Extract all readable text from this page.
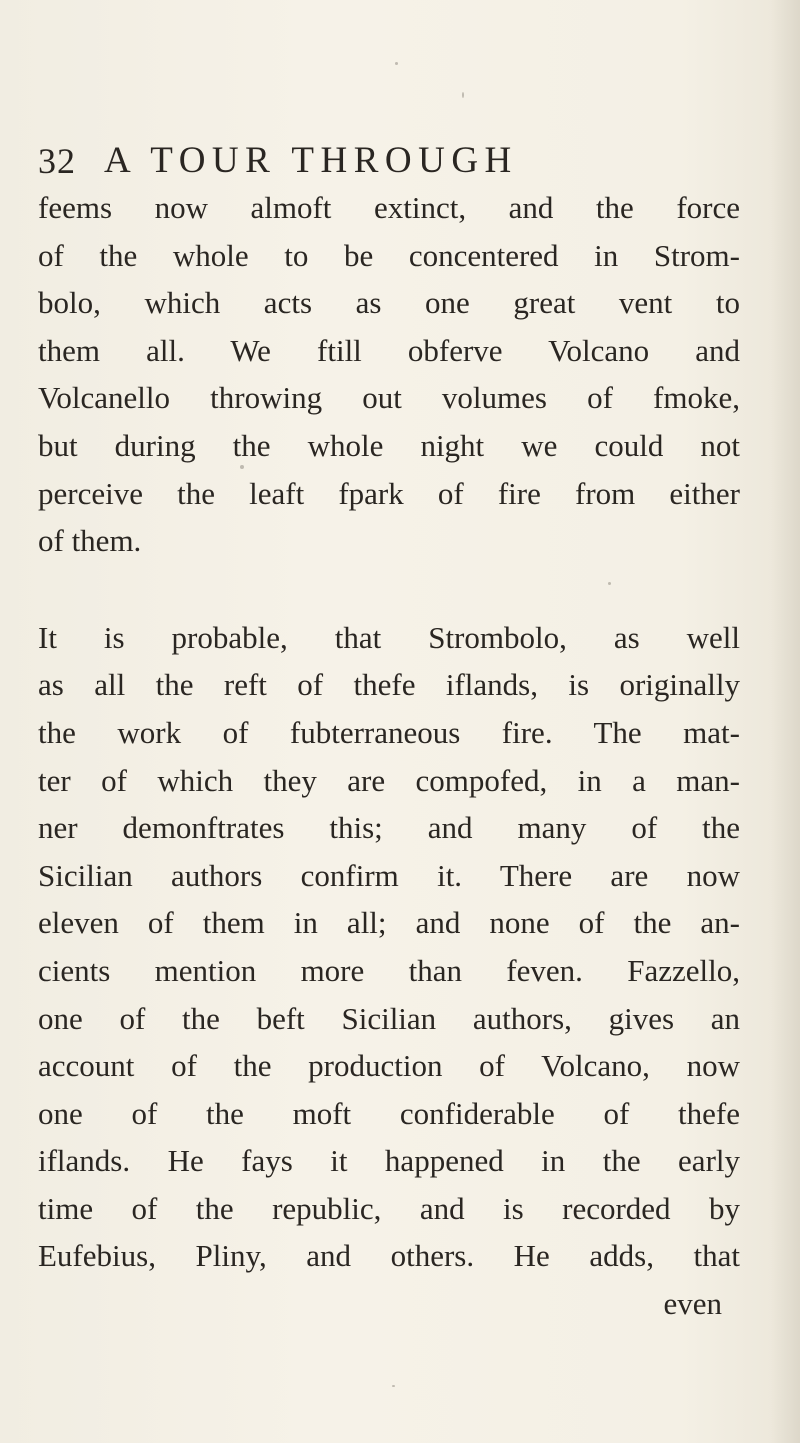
32 A TOUR THROUGH
feems now almoft extinct, and the force
of the whole to be concentered in Strom-
bolo, which acts as one great vent to
them all. We ftill obferve Volcano and
Volcanello throwing out volumes of fmoke,
but during the whole night we could not
perceive the leaft fpark of fire from either
of them.
It is probable, that Strombolo, as well
as all the reft of thefe iflands, is originally
the work of fubterraneous fire. The mat-
ter of which they are compofed, in a man-
ner demonftrates this; and many of the
Sicilian authors confirm it. There are now
eleven of them in all; and none of the an-
cients mention more than feven. Fazzello,
one of the beft Sicilian authors, gives an
account of the production of Volcano, now
one of the moft confiderable of thefe
iflands. He fays it happened in the early
time of the republic, and is recorded by
Eufebius, Pliny, and others. He adds, that
even
